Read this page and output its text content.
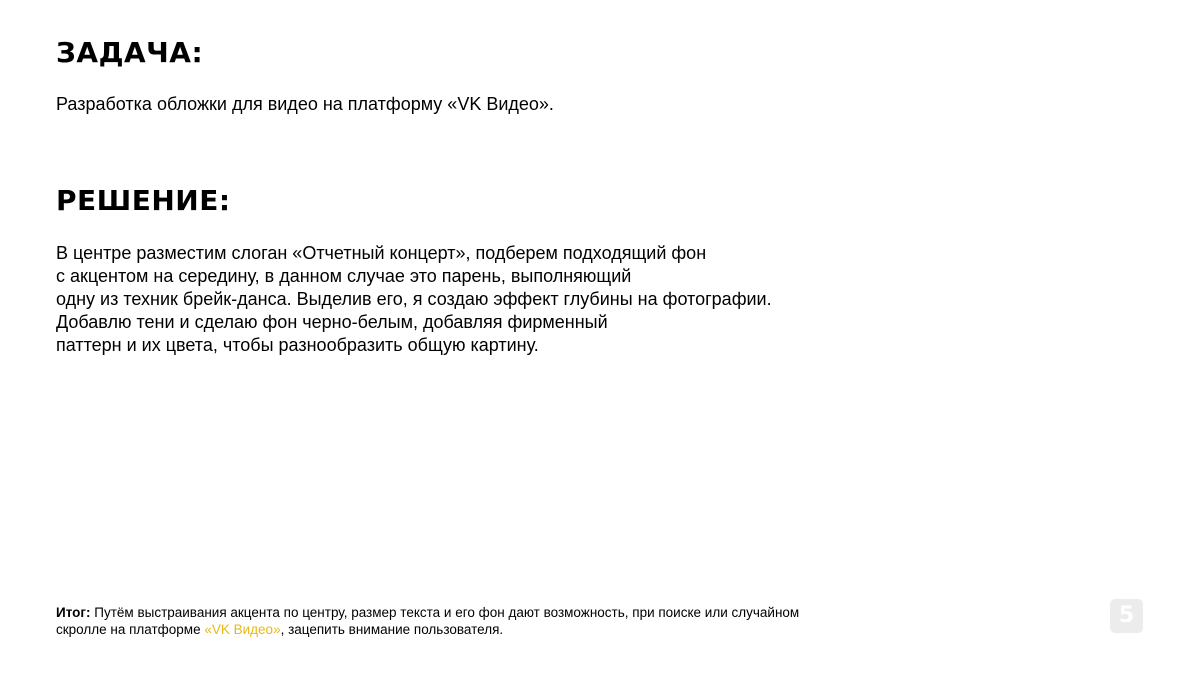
ЗАДАЧА:

Разработка обложки для видео на платформу «VK Видео».

РЕШЕНИЕ:

В центре разместим слоган «Отчетный концерт», подберем подходящий фон
с акцентом на середину, в данном случае это парень, выполняющий
одну из техник брейк-данса. Выделив его, я создаю эффект глубины на фотографии.
Добавлю тени и сделаю фон черно-белым, добавляя фирменный
паттерн и их цвета, чтобы разнообразить общую картину.

Итог: Путём выстраивания акцента по центру, размер текста и его фон дают возможность, при поиске или случайном
скролле на платформе «VK Видео», зацепить внимание пользователя.

5
